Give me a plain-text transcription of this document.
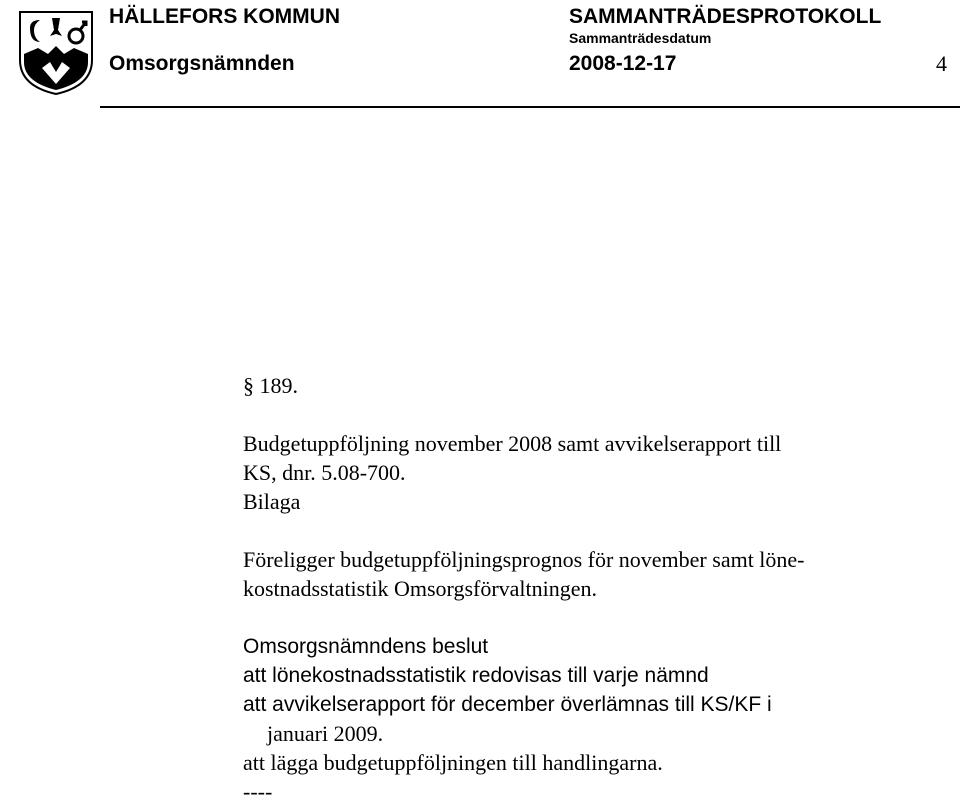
HÄLLEFORS KOMMUN
Omsorgsnämnden
SAMMANTRÄDESPROTOKOLL
Sammanträdesdatum
2008-12-17	4

§ 189.

Budgetuppföljning november 2008 samt avvikelserapport till

KS, dnr. 5.08-700.

Bilaga

Föreligger budgetuppföljningsprognos för november samt löne-

kostnadsstatistik Omsorgsförvaltningen.

Omsorgsnämndens beslut

att lönekostnadsstatistik redovisas till varje nämnd

att avvikelserapport för december överlämnas till KS/KF i

januari 2009.

att lägga budgetuppföljningen till handlingarna.

----
